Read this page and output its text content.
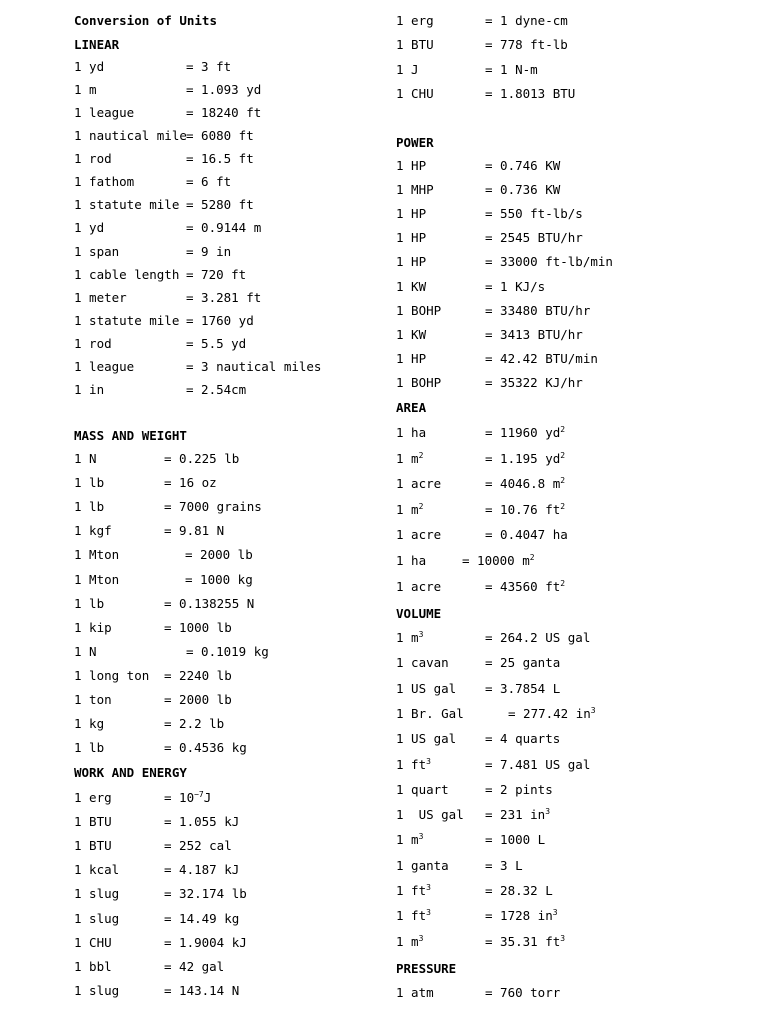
Conversion of Units
LINEAR
1 yd	= 3 ft
1 m	= 1.093 yd
1 league	= 18240 ft
1 nautical mile = 6080 ft
1 rod	= 16.5 ft
1 fathom	= 6 ft
1 statute mile = 5280 ft
1 yd	= 0.9144 m
1 span	= 9 in
1 cable length = 720 ft
1 meter	= 3.281 ft
1 statute mile = 1760 yd
1 rod	= 5.5 yd
1 league	= 3 nautical miles
1 in	= 2.54cm
MASS AND WEIGHT
1 N	= 0.225 lb
1 lb	= 16 oz
1 lb	= 7000 grains
1 kgf	= 9.81 N
1 Mton	= 2000 lb
1 Mton	= 1000 kg
1 lb	= 0.138255 N
1 kip	= 1000 lb
1 N	= 0.1019 kg
1 long ton = 2240 lb
1 ton	= 2000 lb
1 kg	= 2.2 lb
1 lb	= 0.4536 kg
WORK AND ENERGY
1 erg	= $10^{-7}J$
1 BTU	= 1.055 kJ
1 BTU	= 252 cal
1 kcal	= 4.187 kJ
1 slug	= 32.174 lb
1 slug	= 14.49 kg
1 CHU	= 1.9004 kJ
1 bbl	= 42 gal
1 slug	= 143.14 N
1 erg	= 1 dyne-cm
1 BTU	= 778 ft-lb
1 J	= 1 N-m
1 CHU	= 1.8013 BTU
POWER
1 HP	= 0.746 KW
1 MHP	= 0.736 KW
1 HP	= 550 ft-lb/s
1 HP	= 2545 BTU/hr
1 HP	= 33000 ft-lb/min
1 KW	= 1 KJ/s
1 BOHP	= 33480 BTU/hr
1 KW	= 3413 BTU/hr
1 HP	= 42.42 BTU/min
1 BOHP	= 35322 KJ/hr
AREA
1 ha	= 11960 $yd^2$
1 $m^2$	= 1.195 $yd^2$
1 acre	= 4046.8 $m^2$
1 $m^2$	= 10.76 $ft^2$
1 acre	= 0.4047 ha
1 ha	= 10000 $m^2$
1 acre	= 43560 $ft^2$
VOLUME
1 $m^3$	= 264.2 US gal
1 cavan	= 25 ganta
1 US gal = 3.7854 L
1 Br. Gal	= 277.42 $in^3$
1 US gal = 4 quarts
1 $ft^3$	= 7.481 US gal
1 quart	= 2 pints
1  US gal = 231 $in^3$
1 $m^3$	= 1000 L
1 ganta	= 3 L
1 $ft^3$	= 28.32 L
1 $ft^3$	= 1728 $in^3$
1 $m^3$	= 35.31 $ft^3$
PRESSURE
1 atm	= 760 torr
